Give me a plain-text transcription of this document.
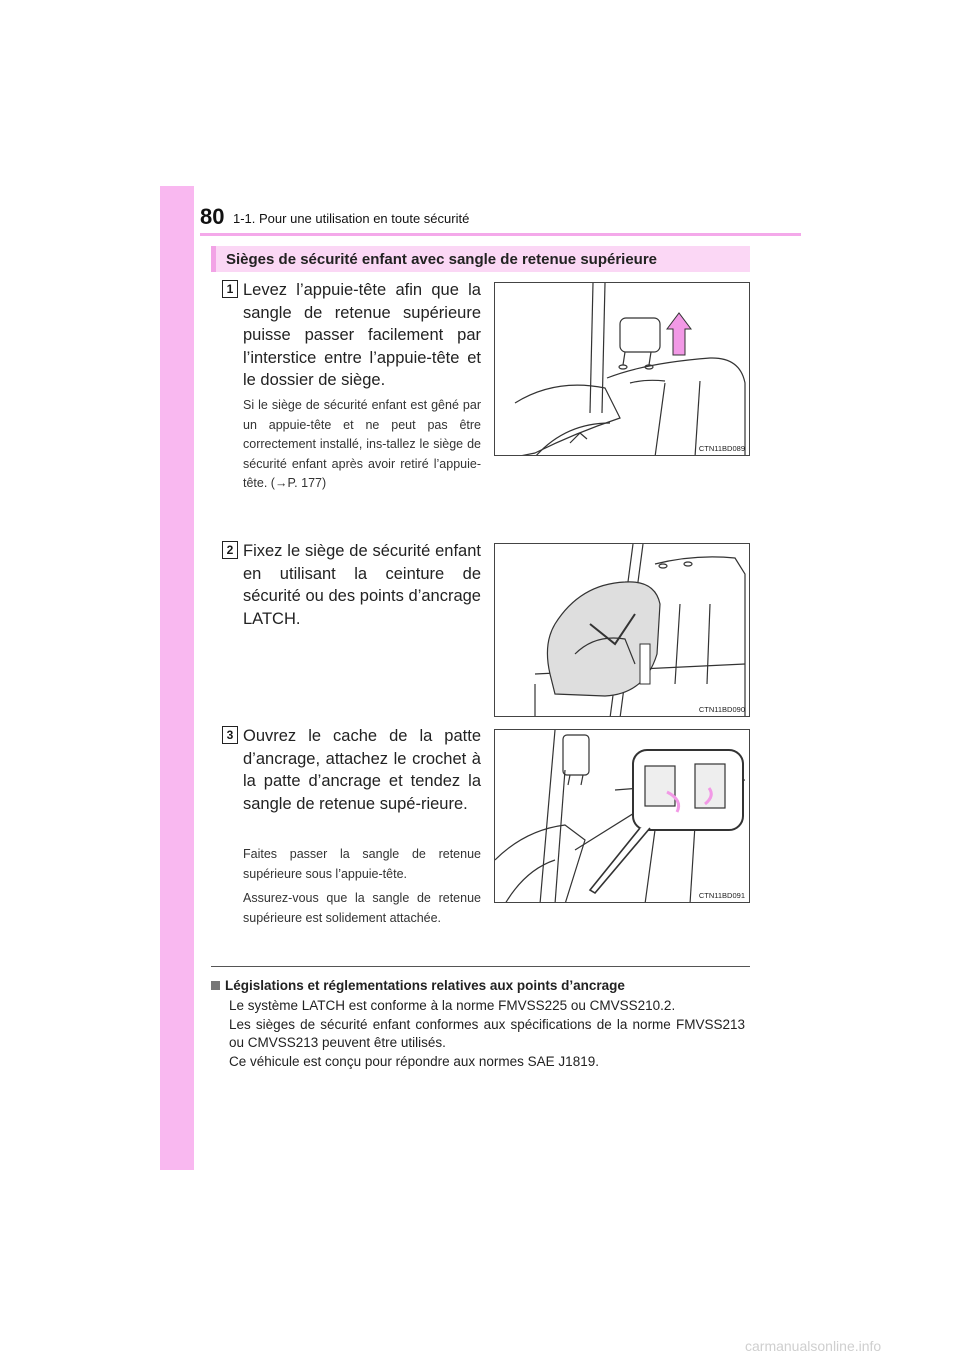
80 1-1. Pour une utilisation en toute sécurité
Sièges de sécurité enfant avec sangle de retenue supérieure
1 Levez l’appuie-tête afin que la sangle de retenue supérieure puisse passer facilement par l’interstice entre l’appuie-tête et le dossier de siège.
Si le siège de sécurité enfant est gêné par un appuie-tête et ne peut pas être correctement installé, ins-tallez le siège de sécurité enfant après avoir retiré l’appuie-tête. (→P. 177)
CTN11BD089
2 Fixez le siège de sécurité enfant en utilisant la ceinture de sécurité ou des points d’ancrage LATCH.
CTN11BD090
3 Ouvrez le cache de la patte d’ancrage, attachez le crochet à la patte d’ancrage et tendez la sangle de retenue supé-rieure.
Faites passer la sangle de retenue supérieure sous l’appuie-tête.
Assurez-vous que la sangle de retenue supérieure est solidement attachée.
CTN11BD091
Législations et réglementations relatives aux points d’ancrage

Le système LATCH est conforme à la norme FMVSS225 ou CMVSS210.2.

Les sièges de sécurité enfant conformes aux spécifications de la norme FMVSS213 ou CMVSS213 peuvent être utilisés.

Ce véhicule est conçu pour répondre aux normes SAE J1819.

carmanualsonline.info
